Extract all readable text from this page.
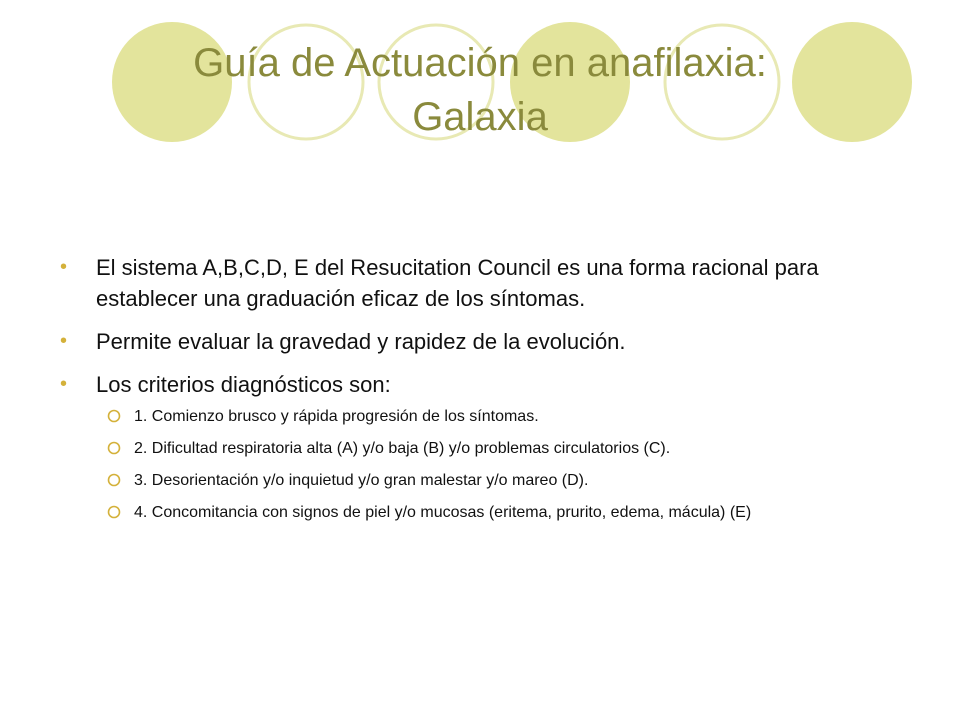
Guía de Actuación en anafilaxia:
Galaxia
• El sistema A,B,C,D, E del Resucitation Council es una forma racional para establecer una graduación eficaz de los síntomas.
• Permite evaluar la gravedad y rapidez de la evolución.
• Los criterios diagnósticos son:
1. Comienzo brusco y rápida progresión de los síntomas.
2. Dificultad respiratoria alta (A) y/o baja (B) y/o problemas circulatorios (C).
3. Desorientación y/o inquietud y/o gran malestar y/o mareo (D).
4. Concomitancia con signos de piel y/o mucosas (eritema, prurito, edema, mácula) (E)
